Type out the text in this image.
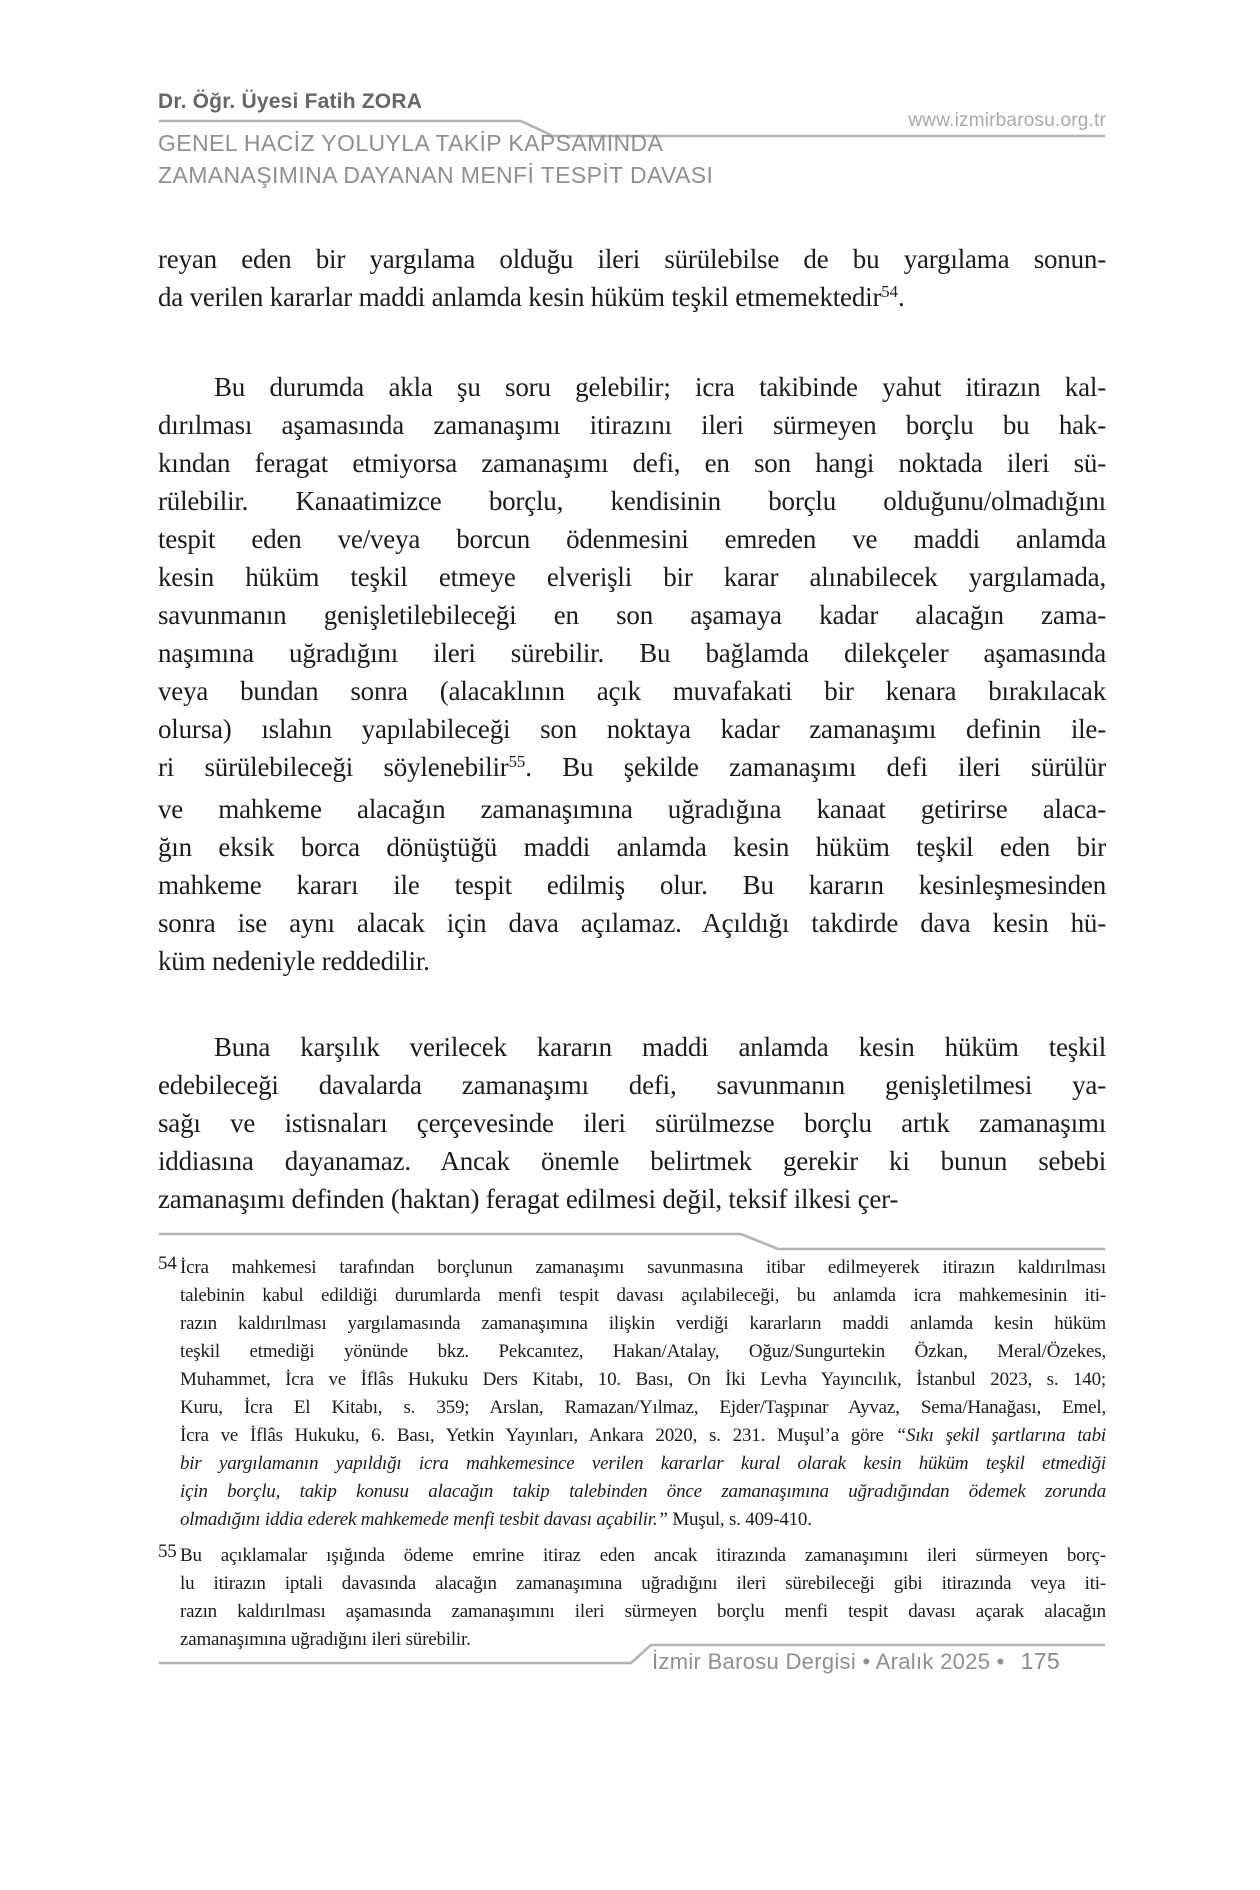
Dr. Öğr. Üyesi Fatih ZORA
www.izmirbarosu.org.tr
GENEL HACİZ YOLUYLA TAKİP KAPSAMINDA
ZAMANAŞIMINA DAYANAN MENFİ TESPİT DAVASI
reyan eden bir yargılama olduğu ileri sürülebilse de bu yargılama sonun-
da verilen kararlar maddi anlamda kesin hüküm teşkil etmemektedir$^{54}$.
Bu durumda akla şu soru gelebilir; icra takibinde yahut itirazın kal-
dırılması aşamasında zamanaşımı itirazını ileri sürmeyen borçlu bu hak-
kından feragat etmiyorsa zamanaşımı defi, en son hangi noktada ileri sü-
rülebilir. Kanaatimizce borçlu, kendisinin borçlu olduğunu/olmadığını
tespit eden ve/veya borcun ödenmesini emreden ve maddi anlamda
kesin hüküm teşkil etmeye elverişli bir karar alınabilecek yargılamada,
savunmanın genişletilebileceği en son aşamaya kadar alacağın zama-
naşımına uğradığını ileri sürebilir. Bu bağlamda dilekçeler aşamasında
veya bundan sonra (alacaklının açık muvafakati bir kenara bırakılacak
olursa) ıslahın yapılabileceği son noktaya kadar zamanaşımı definin ile-
ri sürülebileceği söylenebilir$^{55}$. Bu şekilde zamanaşımı defi ileri sürülür
ve mahkeme alacağın zamanaşımına uğradığına kanaat getirirse alaca-
ğın eksik borca dönüştüğü maddi anlamda kesin hüküm teşkil eden bir
mahkeme kararı ile tespit edilmiş olur. Bu kararın kesinleşmesinden
sonra ise aynı alacak için dava açılamaz. Açıldığı takdirde dava kesin hü-
küm nedeniyle reddedilir.
Buna karşılık verilecek kararın maddi anlamda kesin hüküm teşkil
edebileceği davalarda zamanaşımı defi, savunmanın genişletilmesi ya-
sağı ve istisnaları çerçevesinde ileri sürülmezse borçlu artık zamanaşımı
iddiasına dayanamaz. Ancak önemle belirtmek gerekir ki bunun sebebi
zamanaşımı definden (haktan) feragat edilmesi değil, teksif ilkesi çer-
54 İcra mahkemesi tarafından borçlunun zamanaşımı savunmasına itibar edilmeyerek itirazın kaldırılması
talebinin kabul edildiği durumlarda menfi tespit davası açılabileceği, bu anlamda icra mahkemesinin iti-
razın kaldırılması yargılamasında zamanaşımına ilişkin verdiği kararların maddi anlamda kesin hüküm
teşkil etmediği yönünde bkz. Pekcanıtez, Hakan/Atalay, Oğuz/Sungurtekin Özkan, Meral/Özekes,
Muhammet, İcra ve İflâs Hukuku Ders Kitabı, 10. Bası, On İki Levha Yayıncılık, İstanbul 2023, s. 140;
Kuru, İcra El Kitabı, s. 359; Arslan, Ramazan/Yılmaz, Ejder/Taşpınar Ayvaz, Sema/Hanağası, Emel,
İcra ve İflâs Hukuku, 6. Bası, Yetkin Yayınları, Ankara 2020, s. 231. Muşul’a göre “Sıkı şekil şartlarına tabi
bir yargılamanın yapıldığı icra mahkemesince verilen kararlar kural olarak kesin hüküm teşkil etmediği
için borçlu, takip konusu alacağın takip talebinden önce zamanaşımına uğradığından ödemek zorunda
olmadığını iddia ederek mahkemede menfi tesbit davası açabilir.” Muşul, s. 409-410.
55 Bu açıklamalar ışığında ödeme emrine itiraz eden ancak itirazında zamanaşımını ileri sürmeyen borç-
lu itirazın iptali davasında alacağın zamanaşımına uğradığını ileri sürebileceği gibi itirazında veya iti-
razın kaldırılması aşamasında zamanaşımını ileri sürmeyen borçlu menfi tespit davası açarak alacağın
zamanaşımına uğradığını ileri sürebilir.
İzmir Barosu Dergisi • Aralık 2025 • 175
